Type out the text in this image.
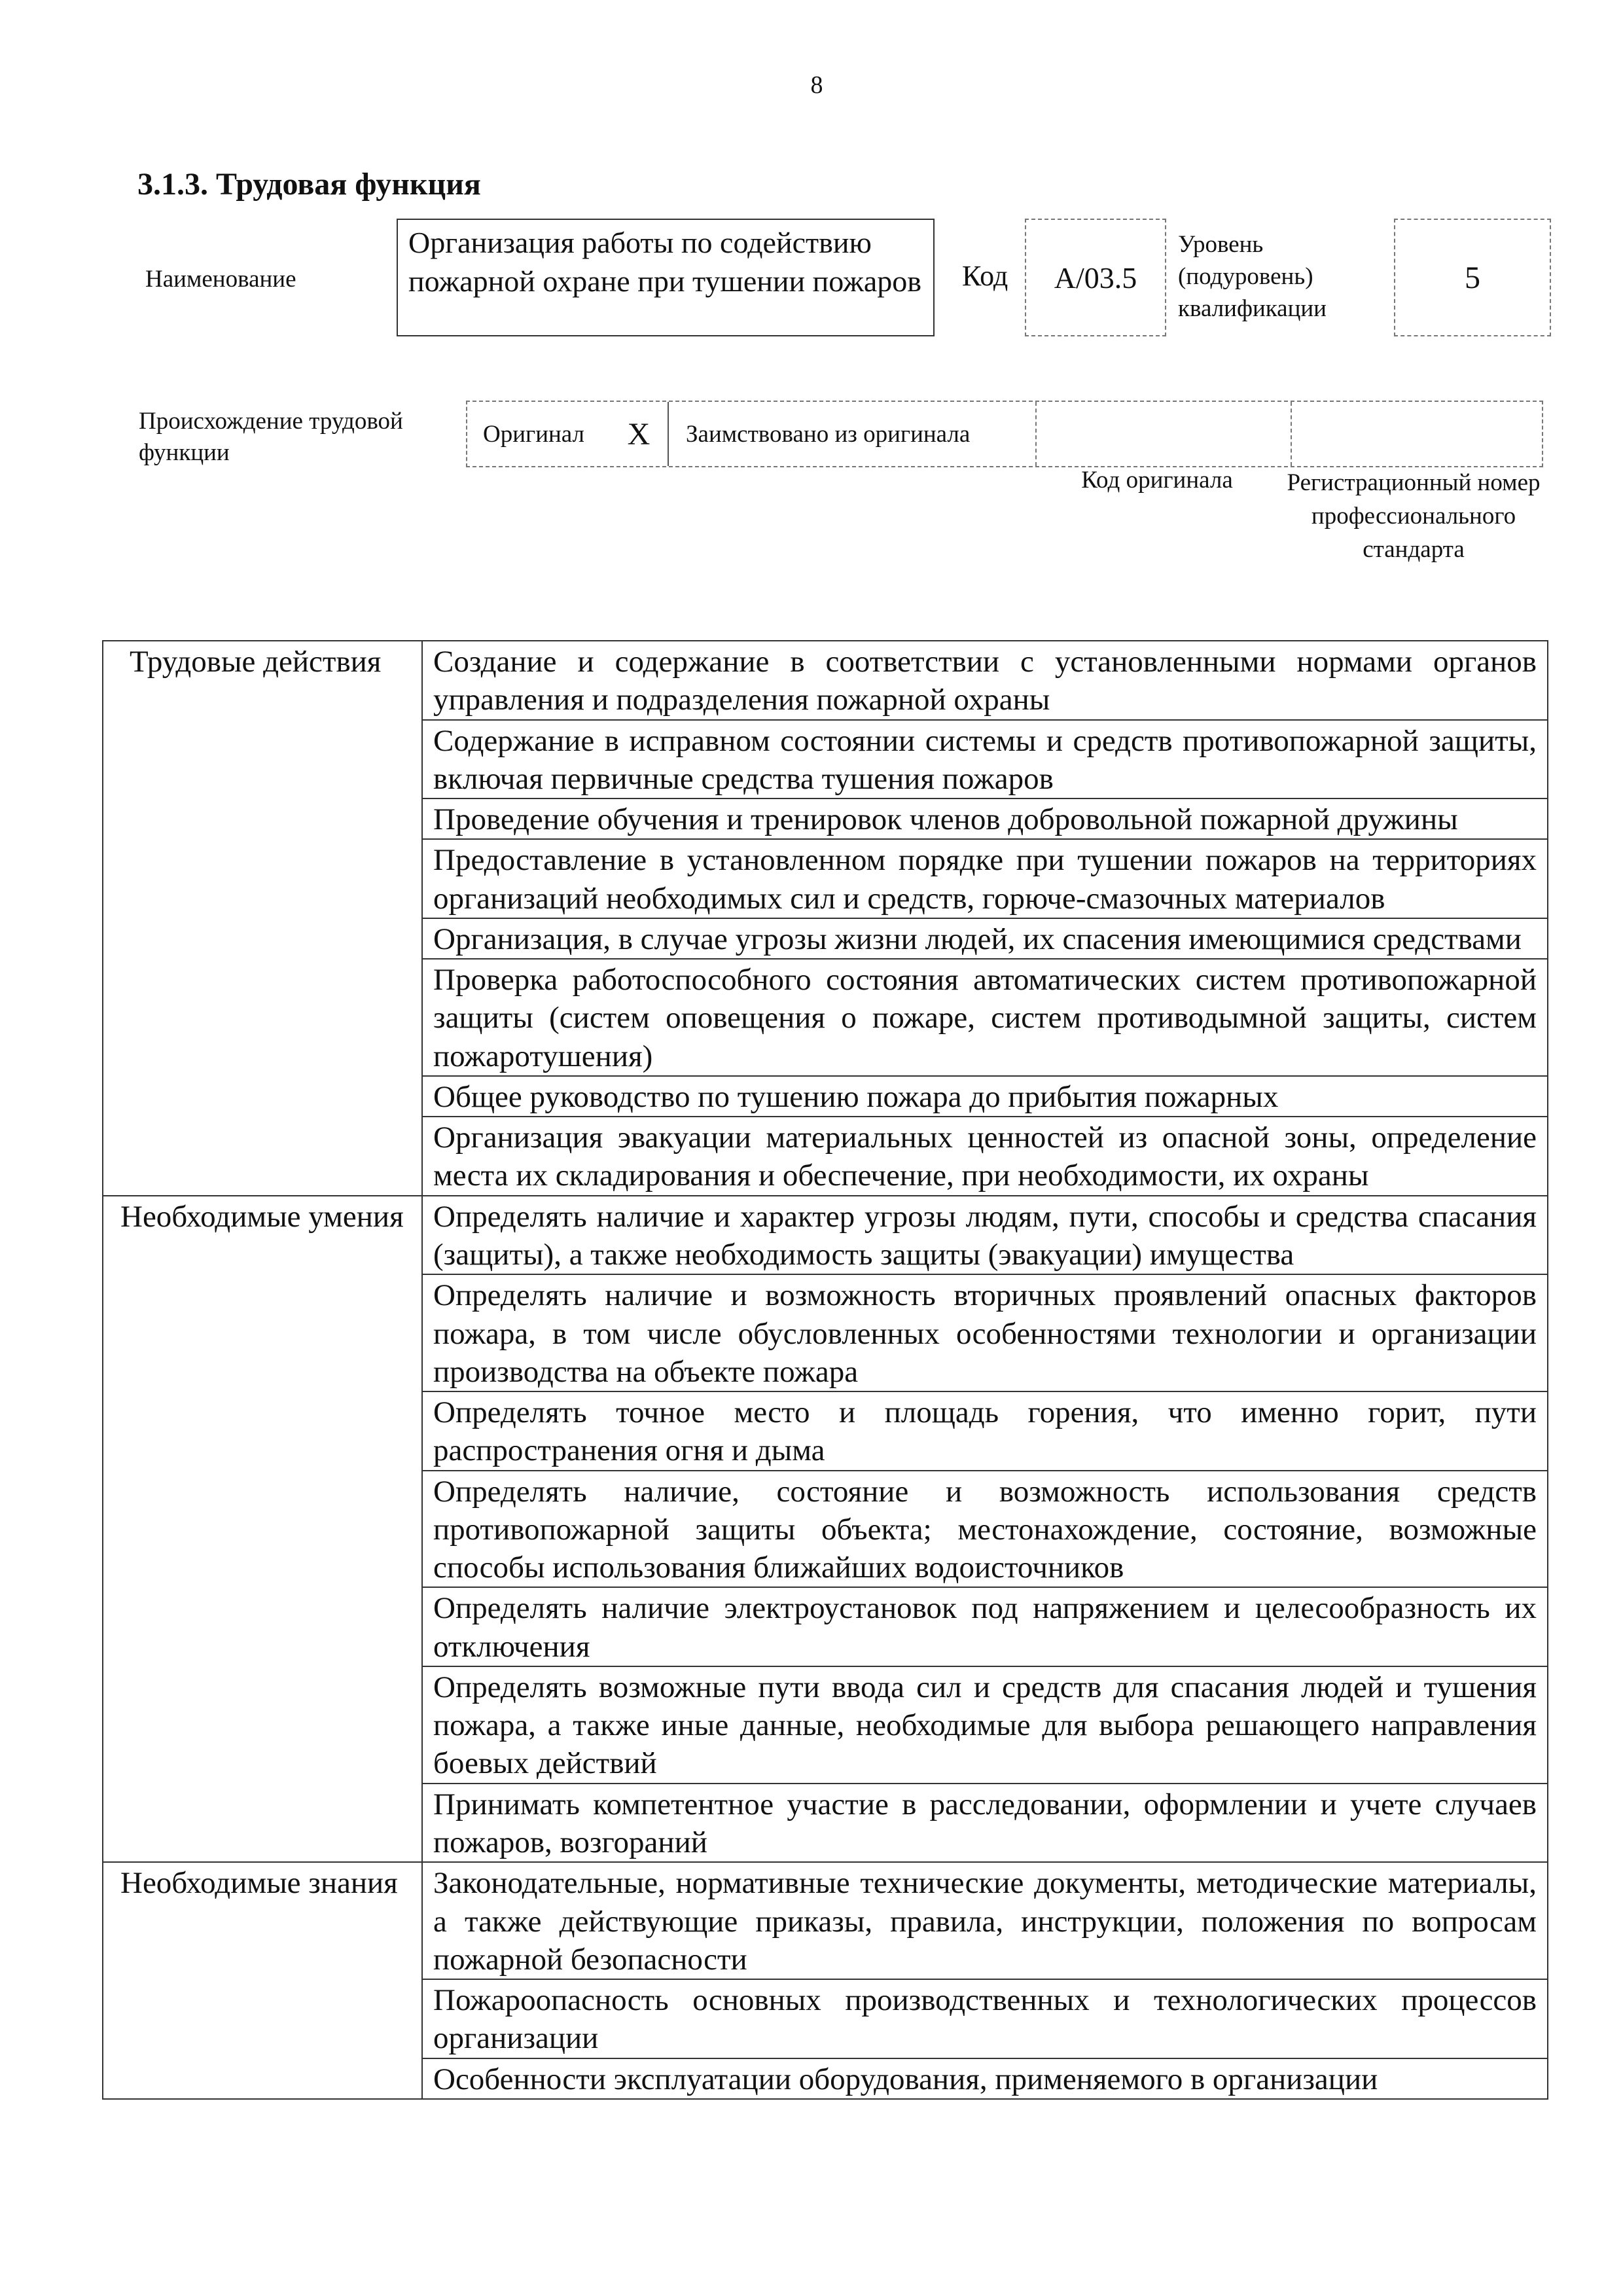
8
3.1.3. Трудовая функция
Наименование
Организация работы по содействию пожарной охране при тушении пожаров	Код А/03.5
Уровень (подуровень) квалификации
5
Происхождение трудовой функции
Оригинал	Х	Заимствовано из оригинала
Код оригинала	Регистрационный номер профессионального стандарта
Трудовые действия	Создание и содержание в соответствии с установленными нормами органов управления и подразделения пожарной охраны
	Содержание в исправном состоянии системы и средств противопожарной защиты, включая первичные средства тушения пожаров
	Проведение обучения и тренировок членов добровольной пожарной дружины
	Предоставление в установленном порядке при тушении пожаров на территориях организаций необходимых сил и средств, горюче-смазочных материалов
	Организация, в случае угрозы жизни людей, их спасения имеющимися средствами
	Проверка работоспособного состояния автоматических систем противопожарной защиты (систем оповещения о пожаре, систем противодымной защиты, систем пожаротушения)
	Общее руководство по тушению пожара до прибытия пожарных
	Организация эвакуации материальных ценностей из опасной зоны, определение места их складирования и обеспечение, при необходимости, их охраны
Необходимые умения	Определять наличие и характер угрозы людям, пути, способы и средства спасания (защиты), а также необходимость защиты (эвакуации) имущества
	Определять наличие и возможность вторичных проявлений опасных факторов пожара, в том числе обусловленных особенностями технологии и организации производства на объекте пожара
	Определять точное место и площадь горения, что именно горит, пути распространения огня и дыма
	Определять наличие, состояние и возможность использования средств противопожарной защиты объекта; местонахождение, состояние, возможные способы использования ближайших водоисточников
	Определять наличие электроустановок под напряжением и целесообразность их отключения
	Определять возможные пути ввода сил и средств для спасания людей и тушения пожара, а также иные данные, необходимые для выбора решающего направления боевых действий
	Принимать компетентное участие в расследовании, оформлении и учете случаев пожаров, возгораний
Необходимые знания	Законодательные, нормативные технические документы, методические материалы, а также действующие приказы, правила, инструкции, положения по вопросам пожарной безопасности
	Пожароопасность основных производственных и технологических процессов организации
	Особенности эксплуатации оборудования, применяемого в организации
